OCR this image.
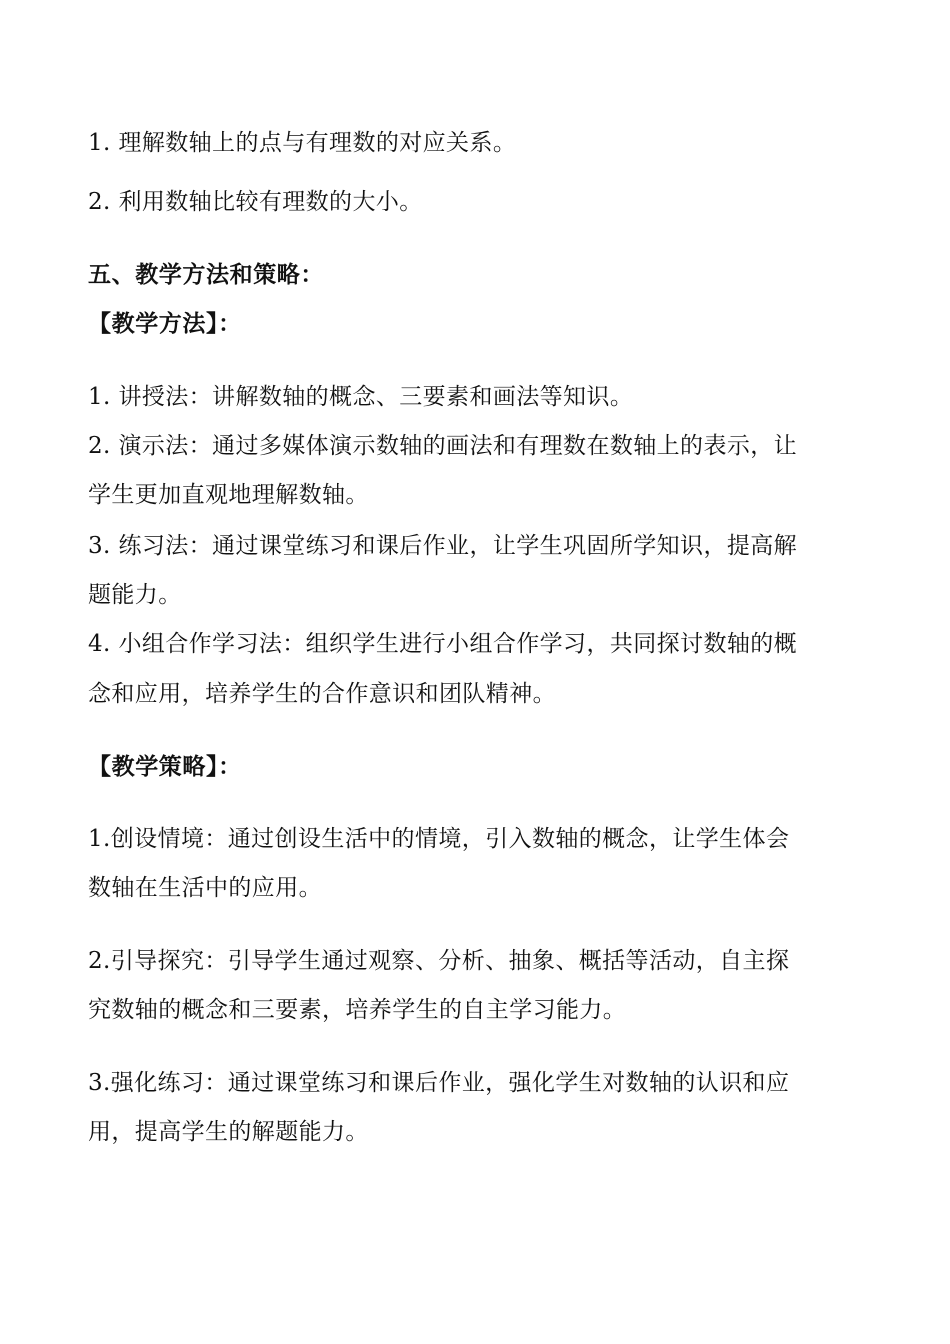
1. 理解数轴上的点与有理数的对应关系。
2. 利用数轴比较有理数的大小。
五、教学方法和策略：
【教学方法】：
1. 讲授法：讲解数轴的概念、三要素和画法等知识。
2. 演示法：通过多媒体演示数轴的画法和有理数在数轴上的表示，让
学生更加直观地理解数轴。
3. 练习法：通过课堂练习和课后作业，让学生巩固所学知识，提高解
题能力。
4. 小组合作学习法：组织学生进行小组合作学习，共同探讨数轴的概
念和应用，培养学生的合作意识和团队精神。
【教学策略】：
1.创设情境：通过创设生活中的情境，引入数轴的概念，让学生体会
数轴在生活中的应用。
2.引导探究：引导学生通过观察、分析、抽象、概括等活动，自主探
究数轴的概念和三要素，培养学生的自主学习能力。
3.强化练习：通过课堂练习和课后作业，强化学生对数轴的认识和应
用，提高学生的解题能力。
